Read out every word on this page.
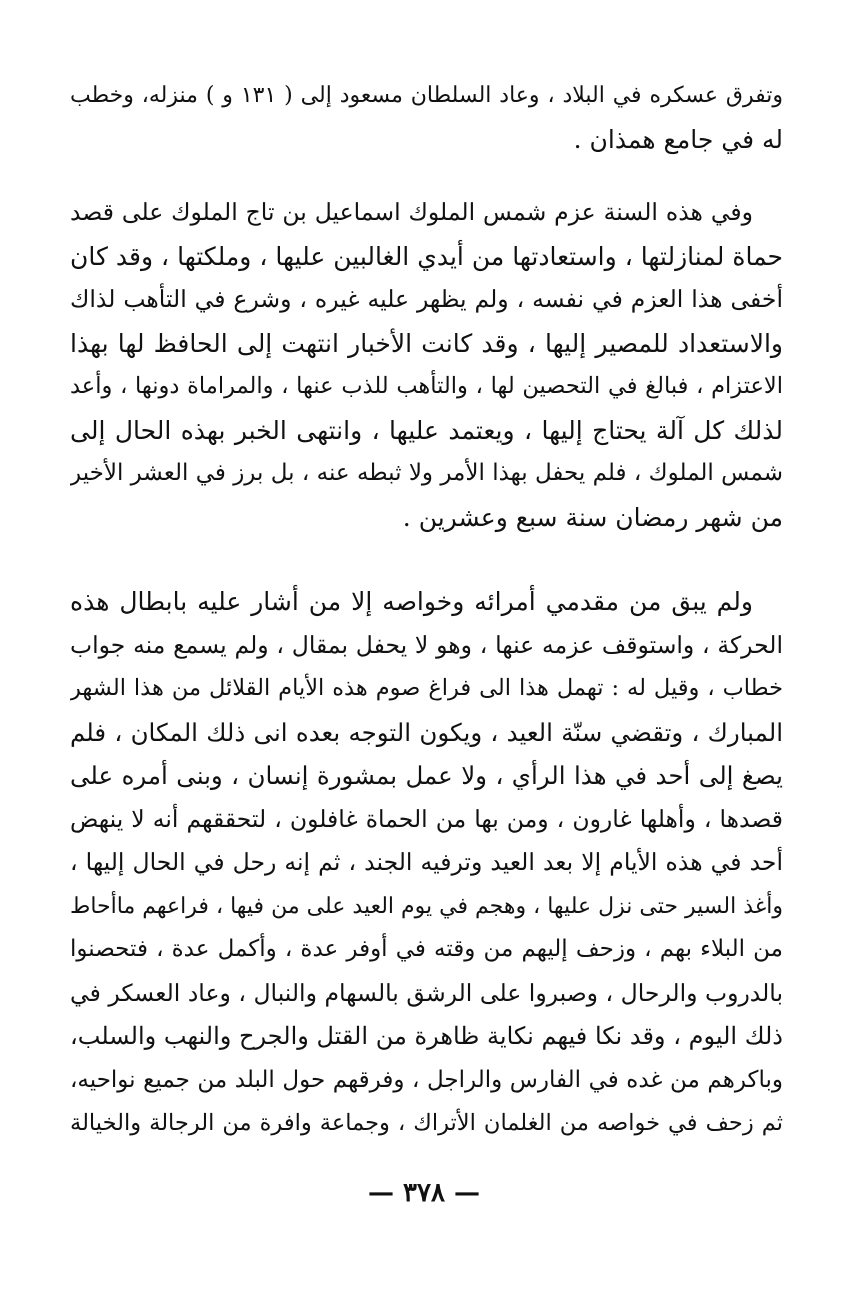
وتفرق عسكره في البلاد ، وعاد السلطان مسعود إلى ( ١٣١ و ) منزله، وخطب
له في جامع همذان .
وفي هذه السنة عزم شمس الملوك اسماعيل بن تاج الملوك على قصد
حماة لمنازلتها ، واستعادتها من أيدي الغالبين عليها ، وملكتها ، وقد كان
أخفى هذا العزم في نفسه ، ولم يظهر عليه غيره ، وشرع في التأهب لذاك
والاستعداد للمصير إليها ، وقد كانت الأخبار انتهت إلى الحافظ لها بهذا
الاعتزام ، فبالغ في التحصين لها ، والتأهب للذب عنها ، والمراماة دونها ، وأعد
لذلك كل آلة يحتاج إليها ، ويعتمد عليها ، وانتهى الخبر بهذه الحال إلى
شمس الملوك ، فلم يحفل بهذا الأمر ولا ثبطه عنه ، بل برز في العشر الأخير
من شهر رمضان سنة سبع وعشرين .
ولم يبق من مقدمي أمرائه وخواصه إلا من أشار عليه بابطال هذه
الحركة ، واستوقف عزمه عنها ، وهو لا يحفل بمقال ، ولم يسمع منه جواب
خطاب ، وقيل له : تهمل هذا الى فراغ صوم هذه الأيام القلائل من هذا الشهر
المبارك ، وتقضي سنّة العيد ، ويكون التوجه بعده انى ذلك المكان ، فلم
يصغ إلى أحد في هذا الرأي ، ولا عمل بمشورة إنسان ، وبنى أمره على
قصدها ، وأهلها غارون ، ومن بها من الحماة غافلون ، لتحققهم أنه لا ينهض
أحد في هذه الأيام إلا بعد العيد وترفيه الجند ، ثم إنه رحل في الحال إليها ،
وأغذ السير حتى نزل عليها ، وهجم في يوم العيد على من فيها ، فراعهم ماأحاط
من البلاء بهم ، وزحف إليهم من وقته في أوفر عدة ، وأكمل عدة ، فتحصنوا
بالدروب والرحال ، وصبروا على الرشق بالسهام والنبال ، وعاد العسكر في
ذلك اليوم ، وقد نكا فيهم نكاية ظاهرة من القتل والجرح والنهب والسلب،
وباكرهم من غده في الفارس والراجل ، وفرقهم حول البلد من جميع نواحيه،
ثم زحف في خواصه من الغلمان الأتراك ، وجماعة وافرة من الرجالة والخيالة
— ٣٧٨ —
